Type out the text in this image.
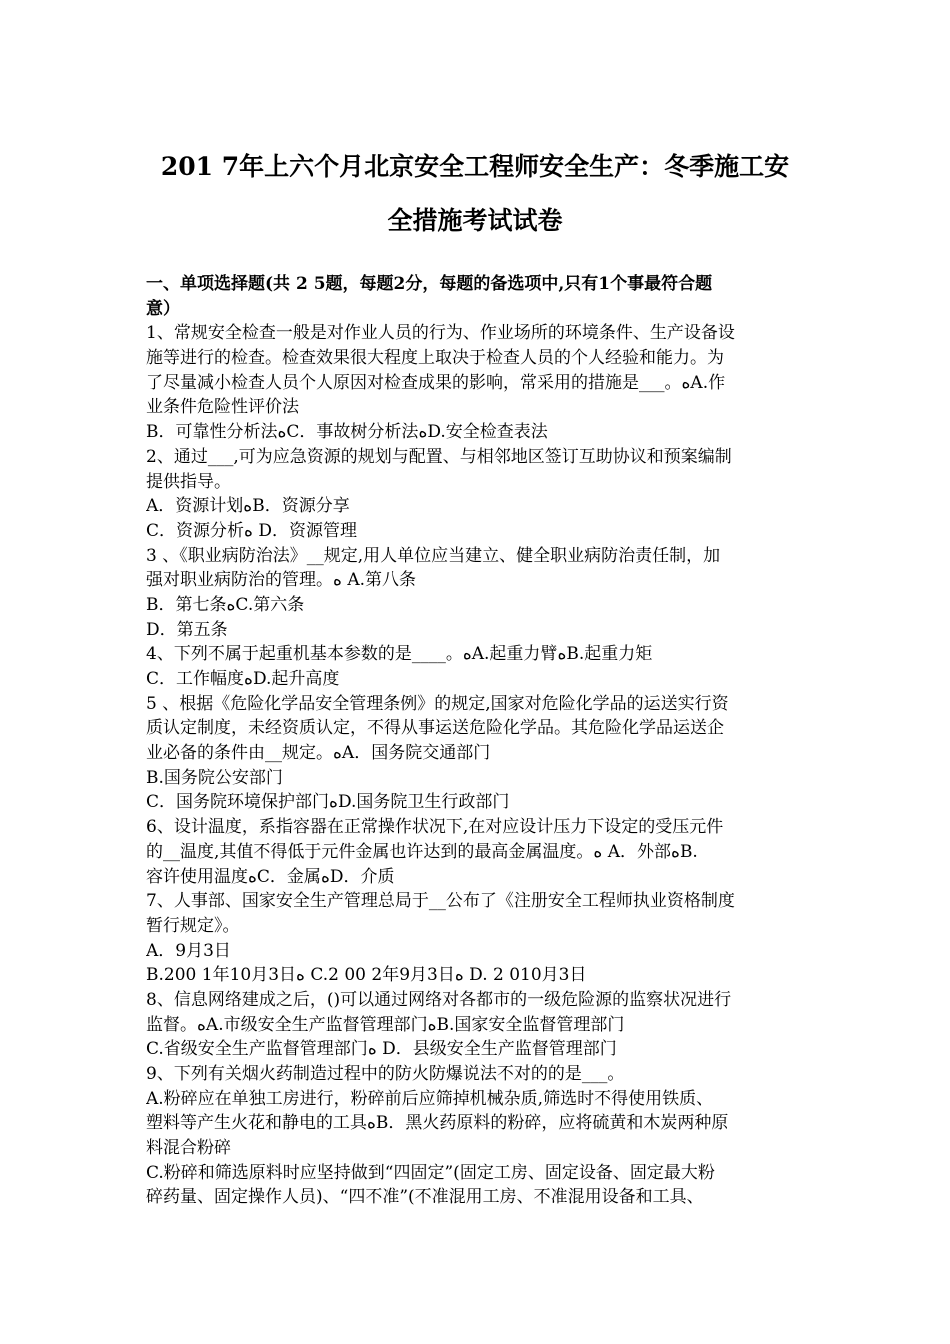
201 7年上六个月北京安全工程师安全生产：冬季施工安
全措施考试试卷
一、单项选择题(共 2 5题，每题2分，每题的备选项中,只有1个事最符合题
意）
1、常规安全检查一般是对作业人员的行为、作业场所的环境条件、生产设备设
施等进行的检查。检查效果很大程度上取决于检查人员的个人经验和能力。为
了尽量减小检查人员个人原因对检查成果的影响，常采用的措施是___。ﻩA.作
业条件危险性评价法
B．可靠性分析法ﻩC．事故树分析法ﻩD.安全检查表法
2、通过___,可为应急资源的规划与配置、与相邻地区签订互助协议和预案编制
提供指导。
A．资源计划ﻩB．资源分享
C．资源分析ﻩ D．资源管理
3 、《职业病防治法》__规定,用人单位应当建立、健全职业病防治责任制，加
强对职业病防治的管理。ﻩ A.第八条
B．第七条ﻩC.第六条
D．第五条
4、下列不属于起重机基本参数的是____。ﻩA.起重力臂ﻩB.起重力矩
C．工作幅度ﻩD.起升高度
5 、根据《危险化学品安全管理条例》的规定,国家对危险化学品的运送实行资
质认定制度，未经资质认定，不得从事运送危险化学品。其危险化学品运送企
业必备的条件由__规定。ﻩA．国务院交通部门
B.国务院公安部门
C．国务院环境保护部门ﻩD.国务院卫生行政部门
6、设计温度，系指容器在正常操作状况下,在对应设计压力下设定的受压元件
的__温度,其值不得低于元件金属也许达到的最高金属温度。ﻩ A．外部ﻩB.
容许使用温度ﻩC．金属ﻩD．介质
7、人事部、国家安全生产管理总局于__公布了《注册安全工程师执业资格制度
暂行规定》。
A．9月3日
B.200 1年10月3日ﻩ C.2 00 2年9月3日ﻩ D. 2 010月3日
8、信息网络建成之后，()可以通过网络对各都市的一级危险源的监察状况进行
监督。ﻩA.市级安全生产监督管理部门ﻩB.国家安全监督管理部门
C.省级安全生产监督管理部门ﻩ D．县级安全生产监督管理部门
9、下列有关烟火药制造过程中的防火防爆说法不对的的是___。
A.粉碎应在单独工房进行，粉碎前后应筛掉机械杂质,筛选时不得使用铁质、
塑料等产生火花和静电的工具ﻩB．黑火药原料的粉碎，应将硫黄和木炭两种原
料混合粉碎
C.粉碎和筛选原料时应坚持做到“四固定”(固定工房、固定设备、固定最大粉
碎药量、固定操作人员)、“四不准”(不准混用工房、不准混用设备和工具、
